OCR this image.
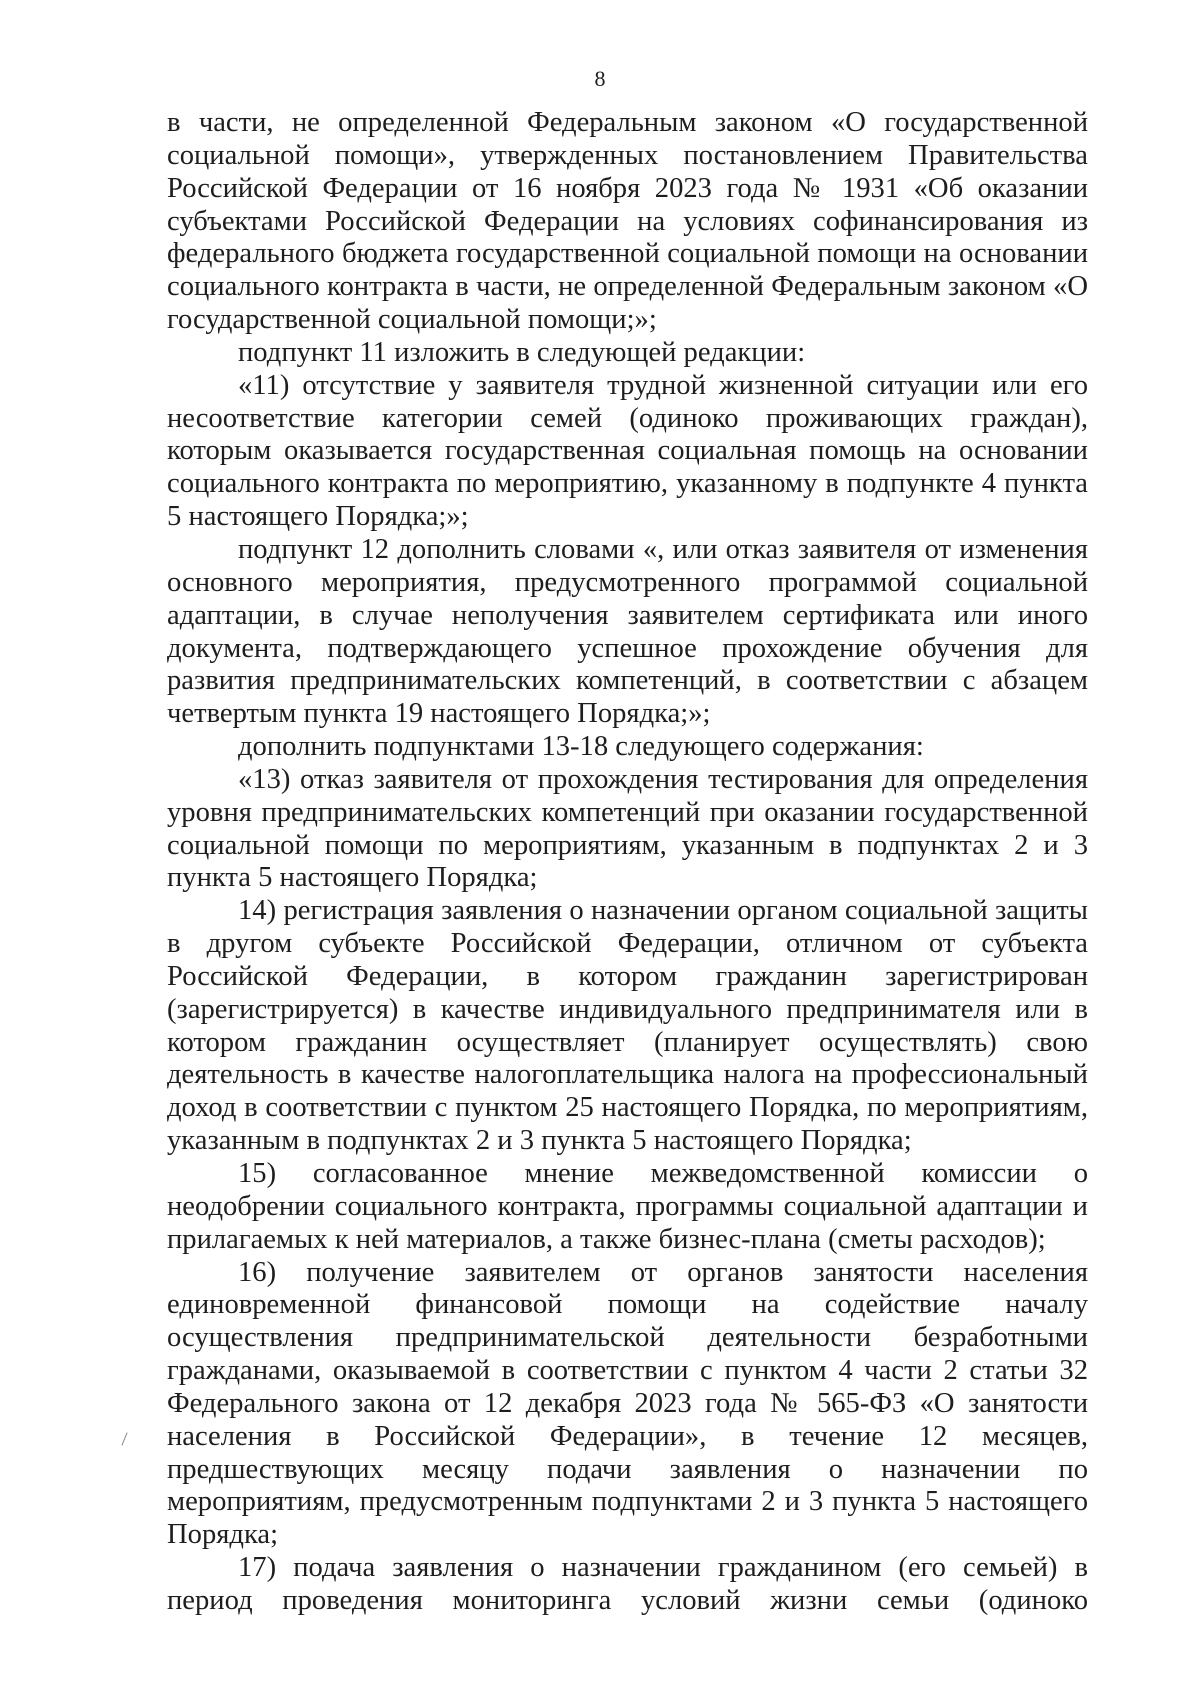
8

в части, не определенной Федеральным законом «О государственной социальной помощи», утвержденных постановлением Правительства Российской Федерации от 16 ноября 2023 года № 1931 «Об оказании субъектами Российской Федерации на условиях софинансирования из федерального бюджета государственной социальной помощи на основании социального контракта в части, не определенной Федеральным законом «О государственной социальной помощи;»;

подпункт 11 изложить в следующей редакции:

«11) отсутствие у заявителя трудной жизненной ситуации или его несоответствие категории семей (одиноко проживающих граждан), которым оказывается государственная социальная помощь на основании социального контракта по мероприятию, указанному в подпункте 4 пункта 5 настоящего Порядка;»;

подпункт 12 дополнить словами «, или отказ заявителя от изменения основного мероприятия, предусмотренного программой социальной адаптации, в случае неполучения заявителем сертификата или иного документа, подтверждающего успешное прохождение обучения для развития предпринимательских компетенций, в соответствии с абзацем четвертым пункта 19 настоящего Порядка;»;

дополнить подпунктами 13-18 следующего содержания:

«13) отказ заявителя от прохождения тестирования для определения уровня предпринимательских компетенций при оказании государственной социальной помощи по мероприятиям, указанным в подпунктах 2 и 3 пункта 5 настоящего Порядка;

14) регистрация заявления о назначении органом социальной защиты в другом субъекте Российской Федерации, отличном от субъекта Российской Федерации, в котором гражданин зарегистрирован (зарегистрируется) в качестве индивидуального предпринимателя или в котором гражданин осуществляет (планирует осуществлять) свою деятельность в качестве налогоплательщика налога на профессиональный доход в соответствии с пунктом 25 настоящего Порядка, по мероприятиям, указанным в подпунктах 2 и 3 пункта 5 настоящего Порядка;

15) согласованное мнение межведомственной комиссии о неодобрении социального контракта, программы социальной адаптации и прилагаемых к ней материалов, а также бизнес-плана (сметы расходов);

16) получение заявителем от органов занятости населения единовременной финансовой помощи на содействие началу осуществления предпринимательской деятельности безработными гражданами, оказываемой в соответствии с пунктом 4 части 2 статьи 32 Федерального закона от 12 декабря 2023 года № 565-ФЗ «О занятости населения в Российской Федерации», в течение 12 месяцев, предшествующих месяцу подачи заявления о назначении по мероприятиям, предусмотренным подпунктами 2 и 3 пункта 5 настоящего Порядка;

17) подача заявления о назначении гражданином (его семьей) в период проведения мониторинга условий жизни семьи (одиноко
